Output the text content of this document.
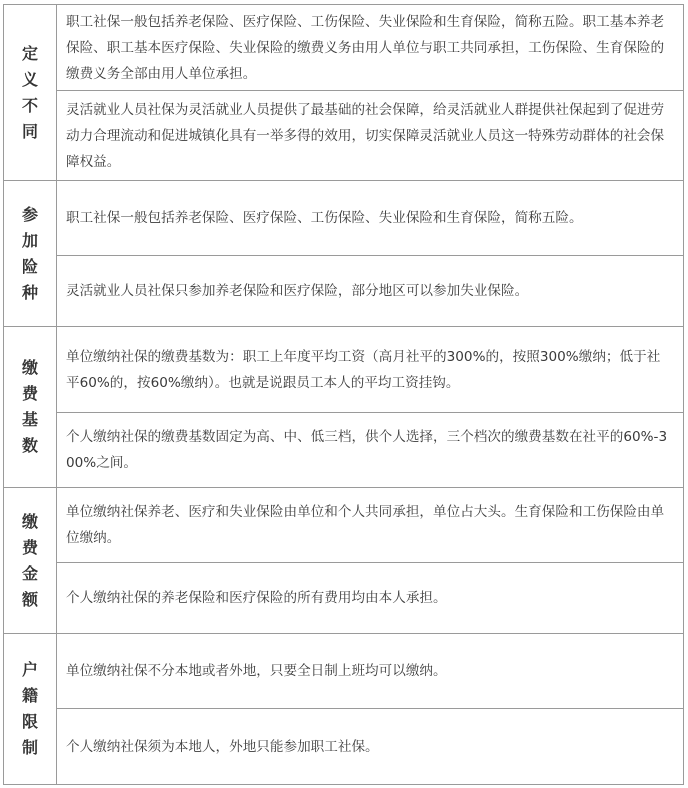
定义不同	职工社保一般包括养老保险、医疗保险、工伤保险、失业保险和生育保险，简称五险。职工基本养老保险、职工基本医疗保险、失业保险的缴费义务由用人单位与职工共同承担，工伤保险、生育保险的缴费义务全部由用人单位承担。
	灵活就业人员社保为灵活就业人员提供了最基础的社会保障，给灵活就业人群提供社保起到了促进劳动力合理流动和促进城镇化具有一举多得的效用，切实保障灵活就业人员这一特殊劳动群体的社会保障权益。
参加险种	职工社保一般包括养老保险、医疗保险、工伤保险、失业保险和生育保险，简称五险。
	灵活就业人员社保只参加养老保险和医疗保险，部分地区可以参加失业保险。
缴费基数	单位缴纳社保的缴费基数为：职工上年度平均工资（高月社平的300%的，按照300%缴纳；低于社平60%的，按60%缴纳）。也就是说跟员工本人的平均工资挂钩。
	个人缴纳社保的缴费基数固定为高、中、低三档，供个人选择，三个档次的缴费基数在社平的60%-300%之间。
缴费金额	单位缴纳社保养老、医疗和失业保险由单位和个人共同承担，单位占大头。生育保险和工伤保险由单位缴纳。
	个人缴纳社保的养老保险和医疗保险的所有费用均由本人承担。
户籍限制	单位缴纳社保不分本地或者外地，只要全日制上班均可以缴纳。
	个人缴纳社保须为本地人，外地只能参加职工社保。
